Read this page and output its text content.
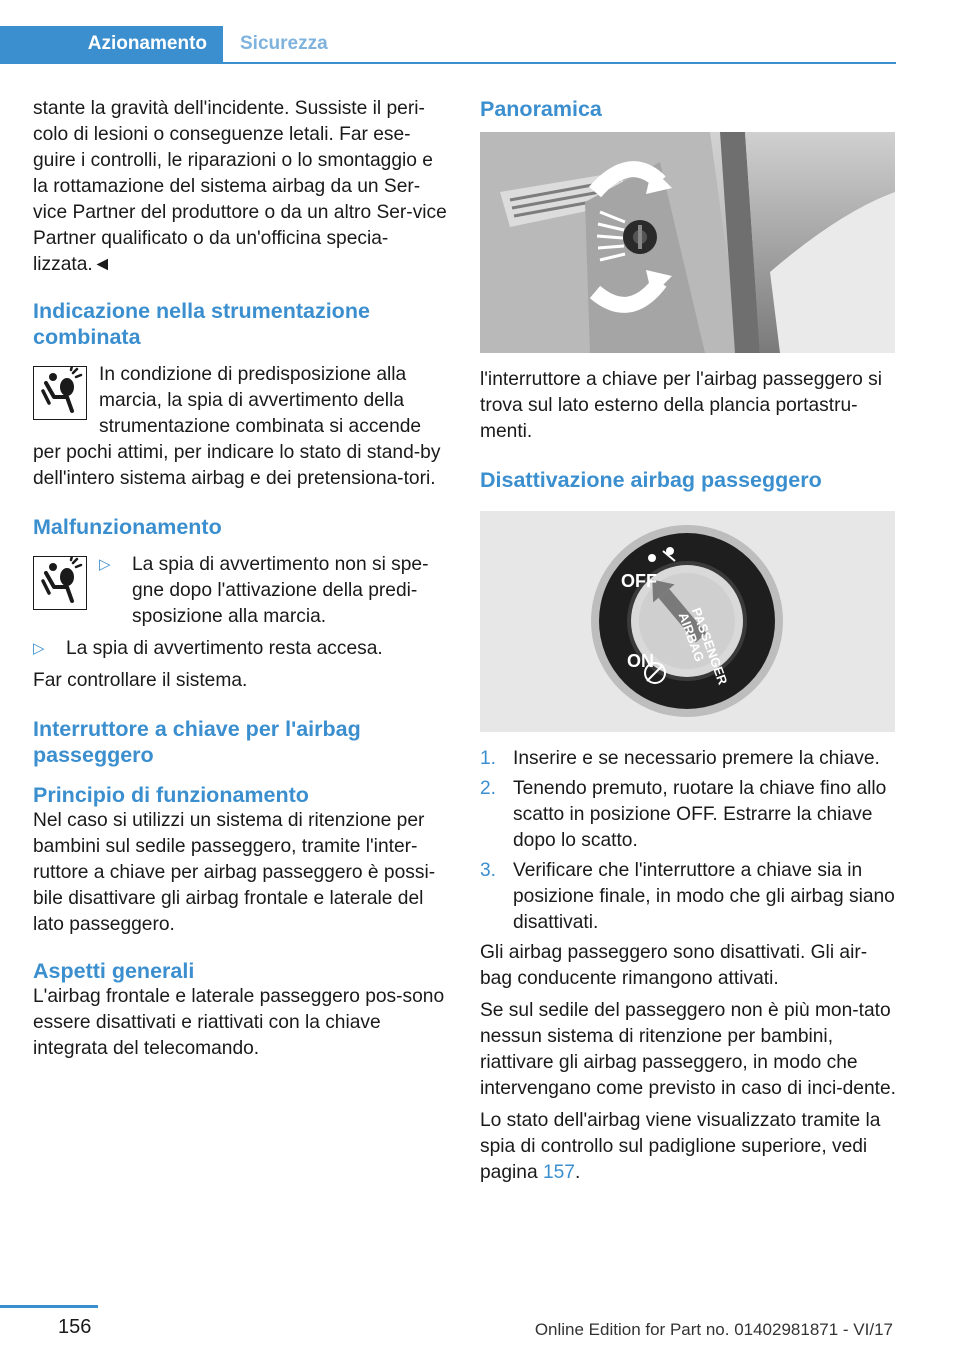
Azionamento	Sicurezza

stante la gravità dell'incidente. Sussiste il peri-colo di lesioni o conseguenze letali. Far ese-guire i controlli, le riparazioni o lo smontaggio e la rottamazione del sistema airbag da un Ser-vice Partner del produttore o da un altro Ser-vice Partner qualificato o da un'officina specia-lizzata.◄

Indicazione nella strumentazione combinata

In condizione di predisposizione alla marcia, la spia di avvertimento della strumentazione combinata si accende per pochi attimi, per indicare lo stato di stand-by dell'intero sistema airbag e dei pretensiona-tori.

Malfunzionamento
▷ La spia di avvertimento non si spe-gne dopo l'attivazione della predi-sposizione alla marcia.
▷ La spia di avvertimento resta accesa.

Far controllare il sistema.

Interruttore a chiave per l'airbag passeggero
Principio di funzionamento

Nel caso si utilizzi un sistema di ritenzione per bambini sul sedile passeggero, tramite l'inter-ruttore a chiave per airbag passeggero è possi-bile disattivare gli airbag frontale e laterale del lato passeggero.

Aspetti generali

L'airbag frontale e laterale passeggero pos-sono essere disattivati e riattivati con la chiave integrata del telecomando.

Panoramica

l'interruttore a chiave per l'airbag passeggero si trova sul lato esterno della plancia portastru-menti.

Disattivazione airbag passeggero
OFF
ON	PASSENGER AIRBAG
1. Inserire e se necessario premere la chiave.
2. Tenendo premuto, ruotare la chiave fino allo scatto in posizione OFF. Estrarre la chiave dopo lo scatto.
3. Verificare che l'interruttore a chiave sia in posizione finale, in modo che gli airbag siano disattivati.

Gli airbag passeggero sono disattivati. Gli air-bag conducente rimangono attivati.

Se sul sedile del passeggero non è più mon-tato nessun sistema di ritenzione per bambini, riattivare gli airbag passeggero, in modo che intervengano come previsto in caso di inci-dente.

Lo stato dell'airbag viene visualizzato tramite la spia di controllo sul padiglione superiore, vedi pagina 157.

156	Online Edition for Part no. 01402981871 - VI/17
